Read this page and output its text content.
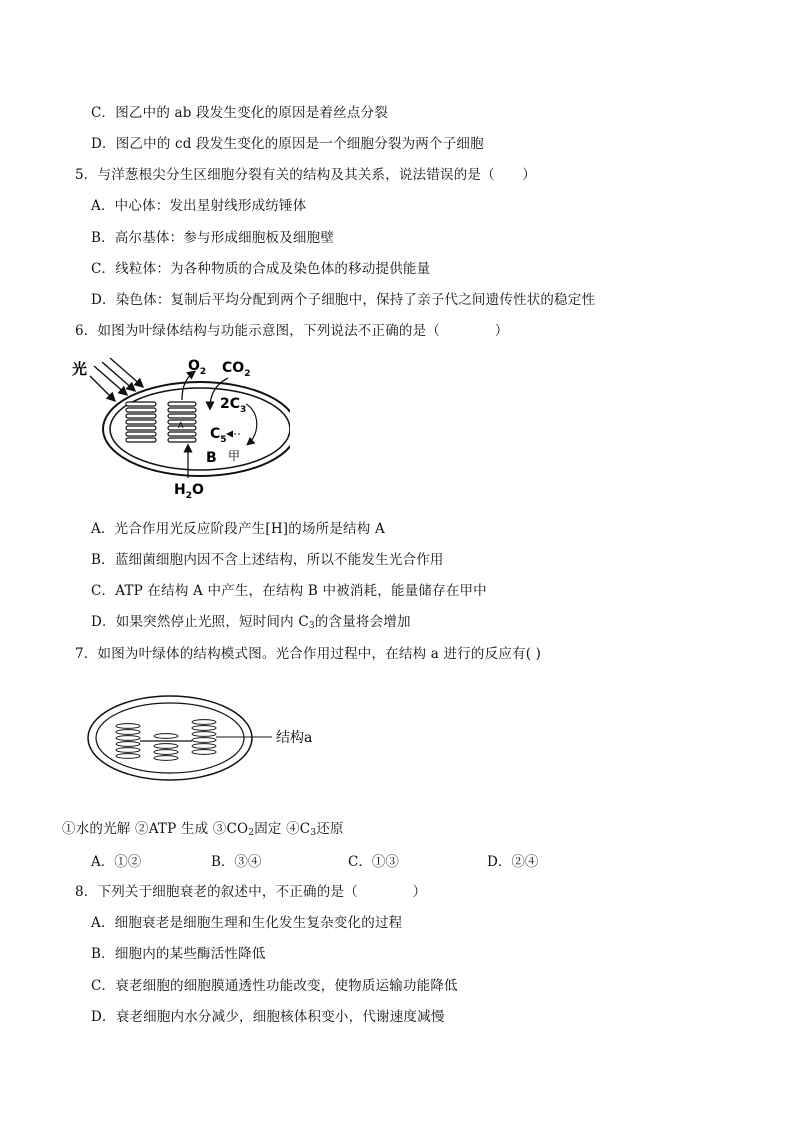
C．图乙中的 ab 段发生变化的原因是着丝点分裂
D．图乙中的 cd 段发生变化的原因是一个细胞分裂为两个子细胞
5．与洋葱根尖分生区细胞分裂有关的结构及其关系，说法错误的是（　　）
A．中心体：发出星射线形成纺锤体
B．高尔基体：参与形成细胞板及细胞壁
C．线粒体：为各种物质的合成及染色体的移动提供能量
D．染色体：复制后平均分配到两个子细胞中，保持了亲子代之间遗传性状的稳定性
6．如图为叶绿体结构与功能示意图，下列说法不正确的是（　　　　）
光
A
$O_2$ $CO_2$
$2C_3$
$C_5$
B 甲
$H_2O$
A．光合作用光反应阶段产生[H]的场所是结构 A
B．蓝细菌细胞内因不含上述结构，所以不能发生光合作用
C．ATP 在结构 A 中产生，在结构 B 中被消耗，能量储存在甲中
D．如果突然停止光照，短时间内 $C_3$的含量将会增加
7．如图为叶绿体的结构模式图。光合作用过程中，在结构 a 进行的反应有( )
结构a
①水的光解 ②ATP 生成 $③CO_2$固定 $④C_3$还原
A．①②	B．③④	C．①③	D．②④
8．下列关于细胞衰老的叙述中，不正确的是（　　　　）
A．细胞衰老是细胞生理和生化发生复杂变化的过程
B．细胞内的某些酶活性降低
C．衰老细胞的细胞膜通透性功能改变，使物质运输功能降低
D．衰老细胞内水分减少，细胞核体积变小，代谢速度减慢
